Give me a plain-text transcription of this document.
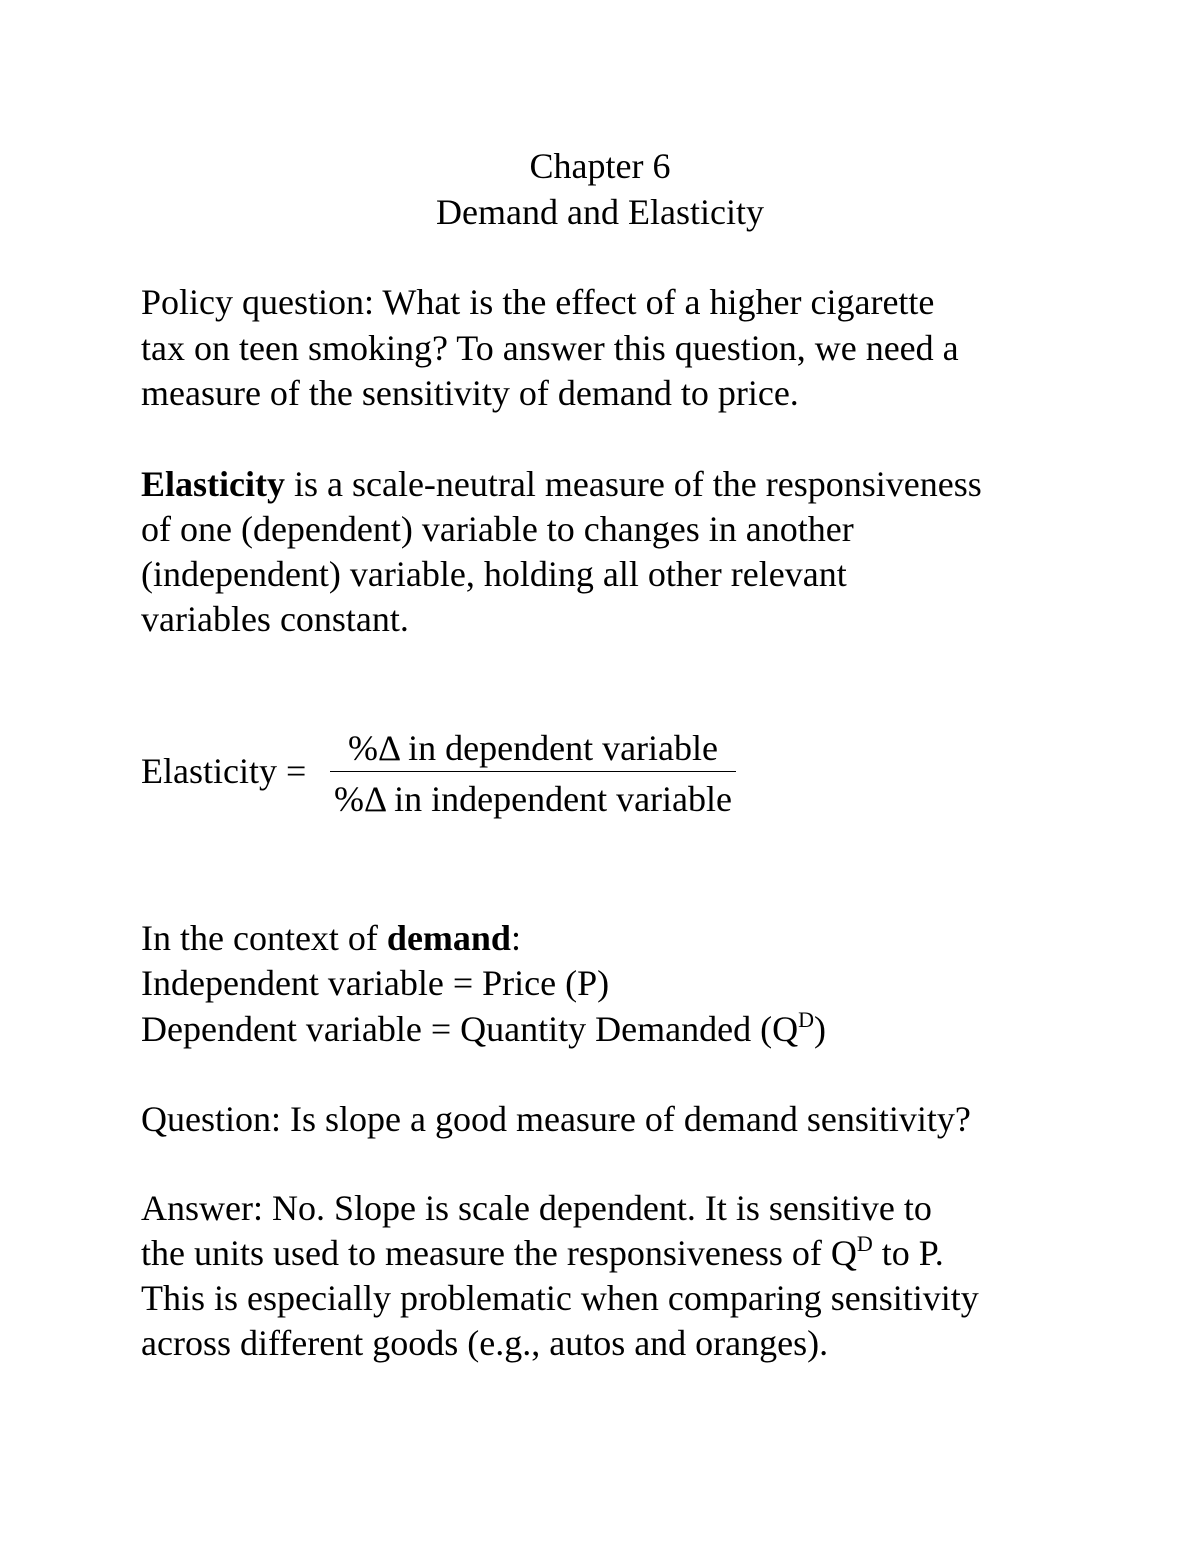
Chapter 6
Demand and Elasticity
Policy question: What is the effect of a higher cigarette
tax on teen smoking? To answer this question, we need a
measure of the sensitivity of demand to price.
Elasticity is a scale-neutral measure of the responsiveness
of one (dependent) variable to changes in another
(independent) variable, holding all other relevant
variables constant.
Elasticity =
%Δ in dependent variable
%Δ in independent variable
In the context of demand:
Independent variable = Price (P)
Dependent variable = Quantity Demanded $(Q^D)$
Question: Is slope a good measure of demand sensitivity?
Answer: No. Slope is scale dependent. It is sensitive to
the units used to measure the responsiveness of $Q^D$ to P.
This is especially problematic when comparing sensitivity
across different goods (e.g., autos and oranges).
